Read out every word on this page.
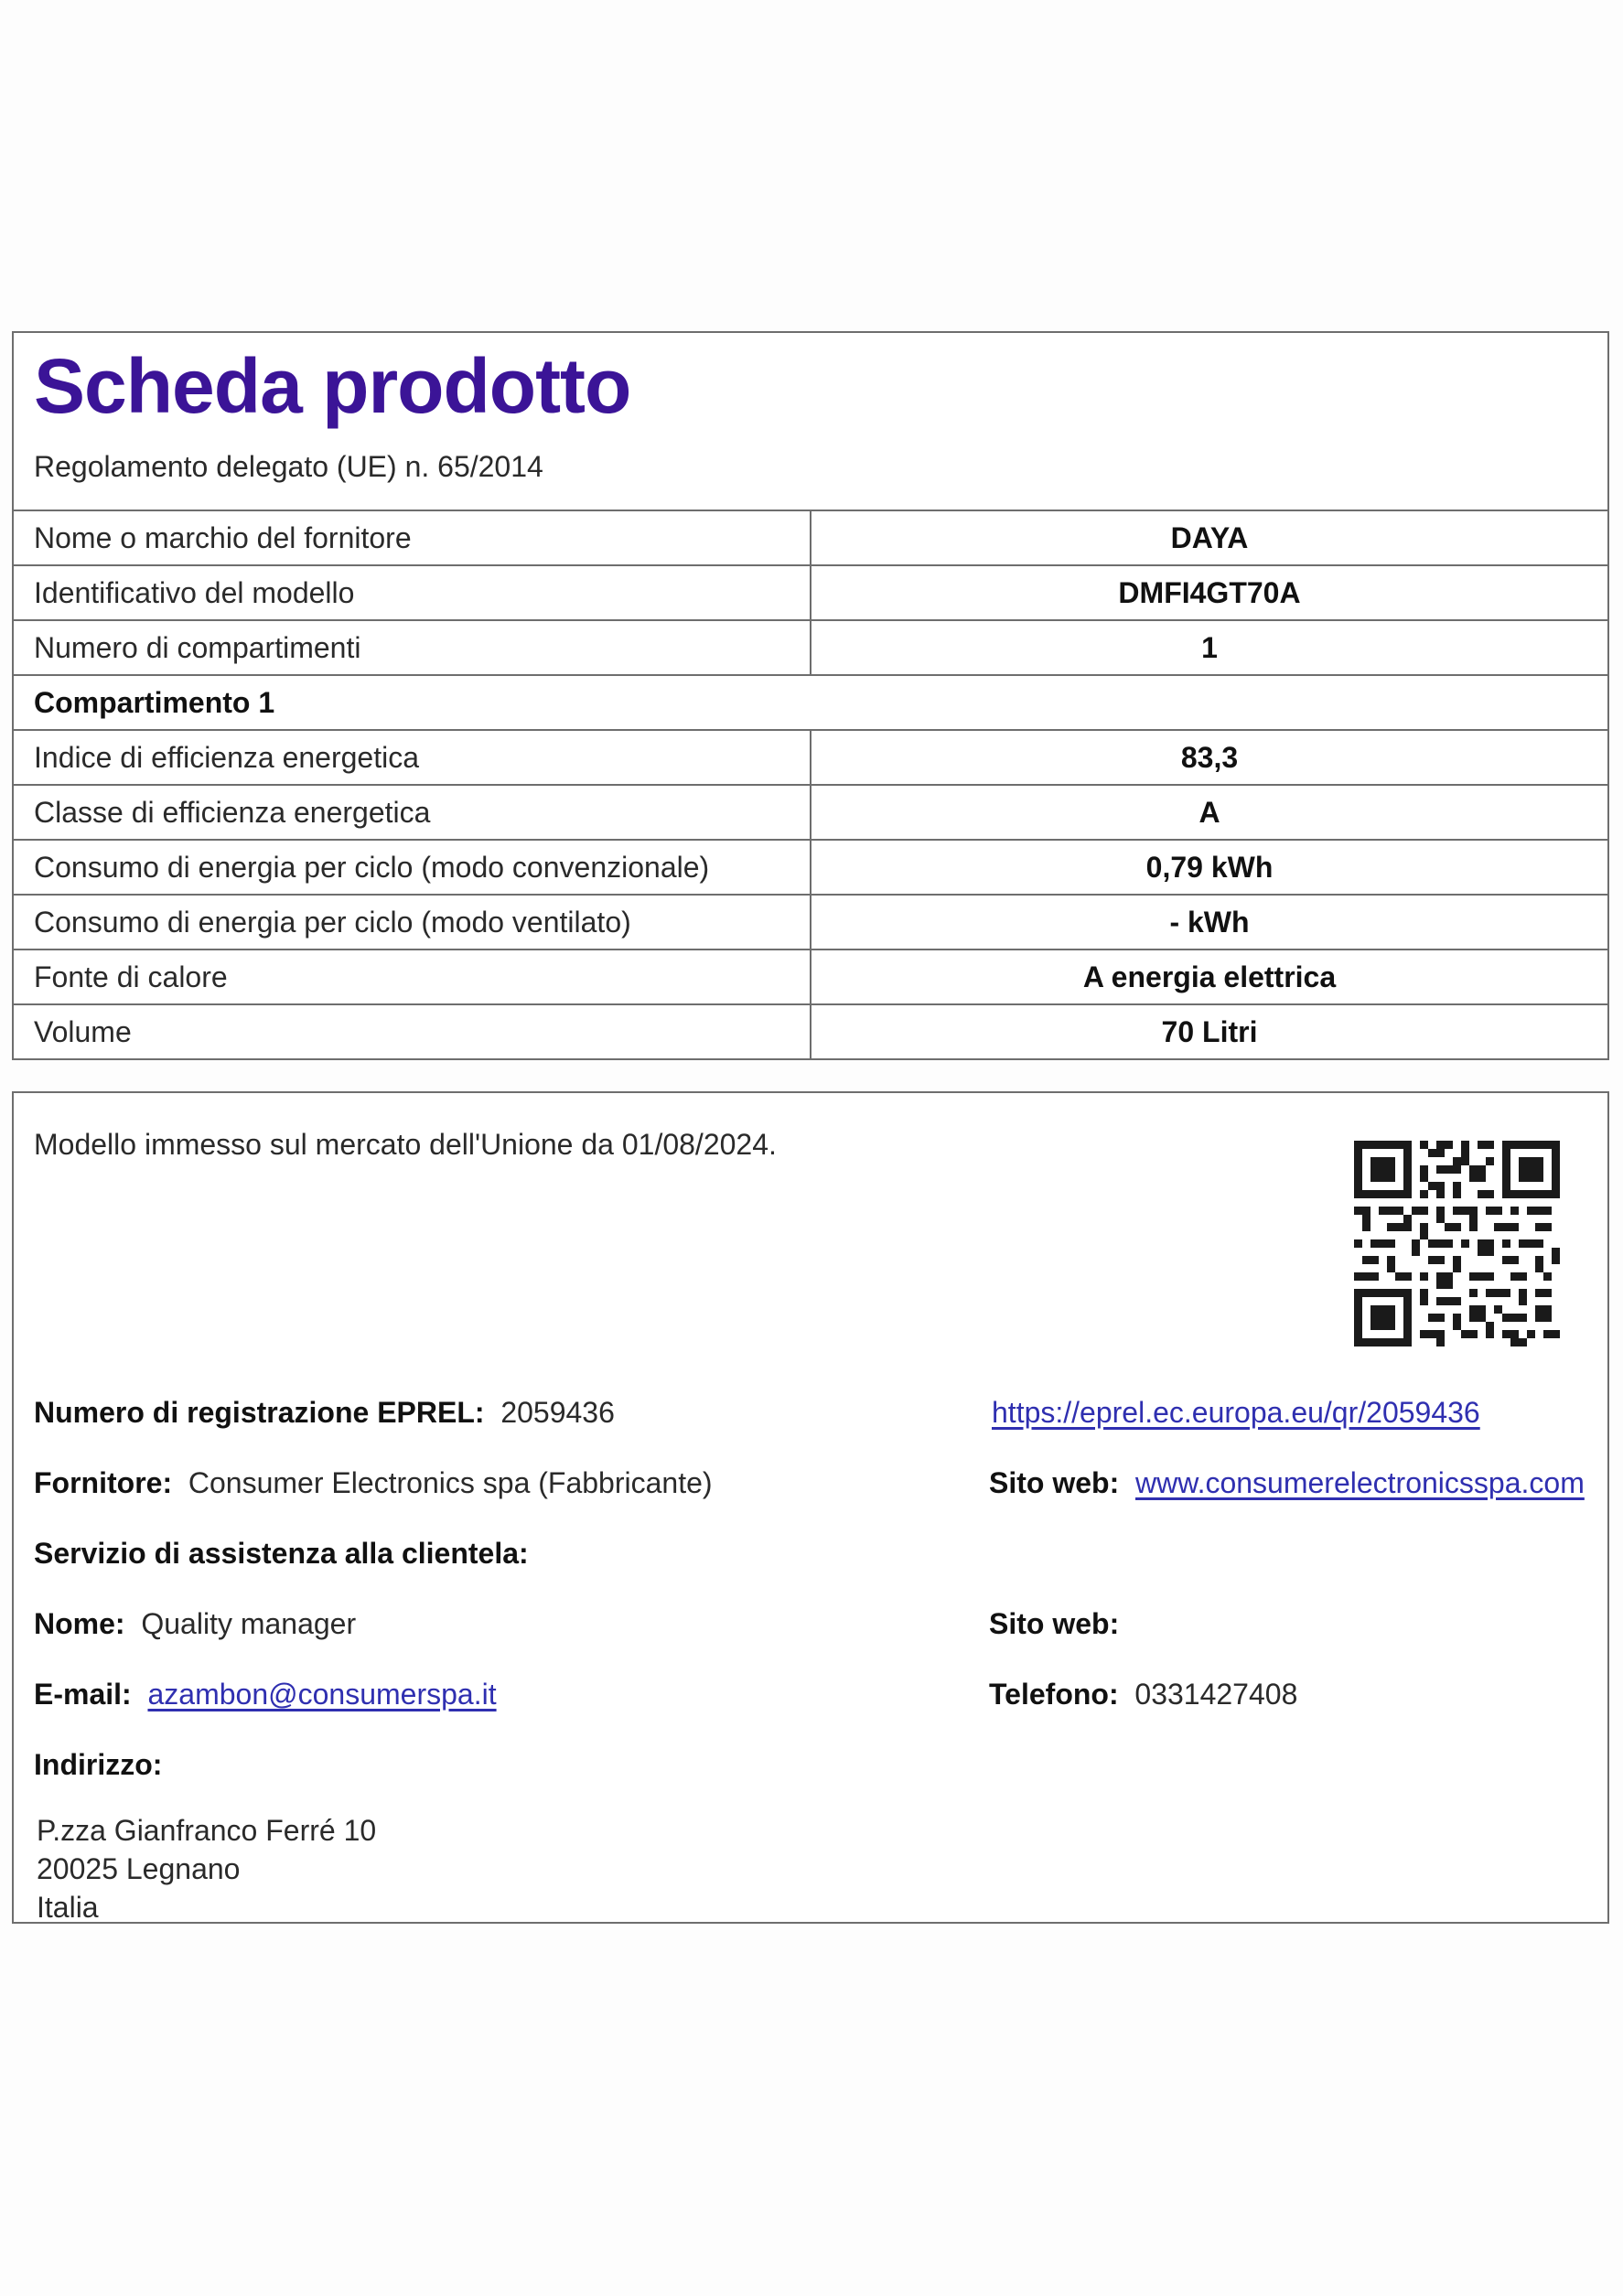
Scheda prodotto
Regolamento delegato (UE) n. 65/2014
Nome o marchio del fornitore	DAYA
Identificativo del modello	DMFI4GT70A
Numero di compartimenti	1
Compartimento 1
Indice di efficienza energetica	83,3
Classe di efficienza energetica	A
Consumo di energia per ciclo (modo convenzionale)	0,79 kWh
Consumo di energia per ciclo (modo ventilato)	- kWh
Fonte di calore	A energia elettrica
Volume	70 Litri
Modello immesso sul mercato dell'Unione da 01/08/2024.
Numero di registrazione EPREL: 2059436	https://eprel.ec.europa.eu/qr/2059436
Fornitore: Consumer Electronics spa (Fabbricante)	Sito web: www.consumerelectronicsspa.com
Servizio di assistenza alla clientela:
Nome: Quality manager	Sito web:
E-mail: azambon@consumerspa.it	Telefono: 0331427408
Indirizzo:
P.zza Gianfranco Ferré 10
20025 Legnano
Italia
